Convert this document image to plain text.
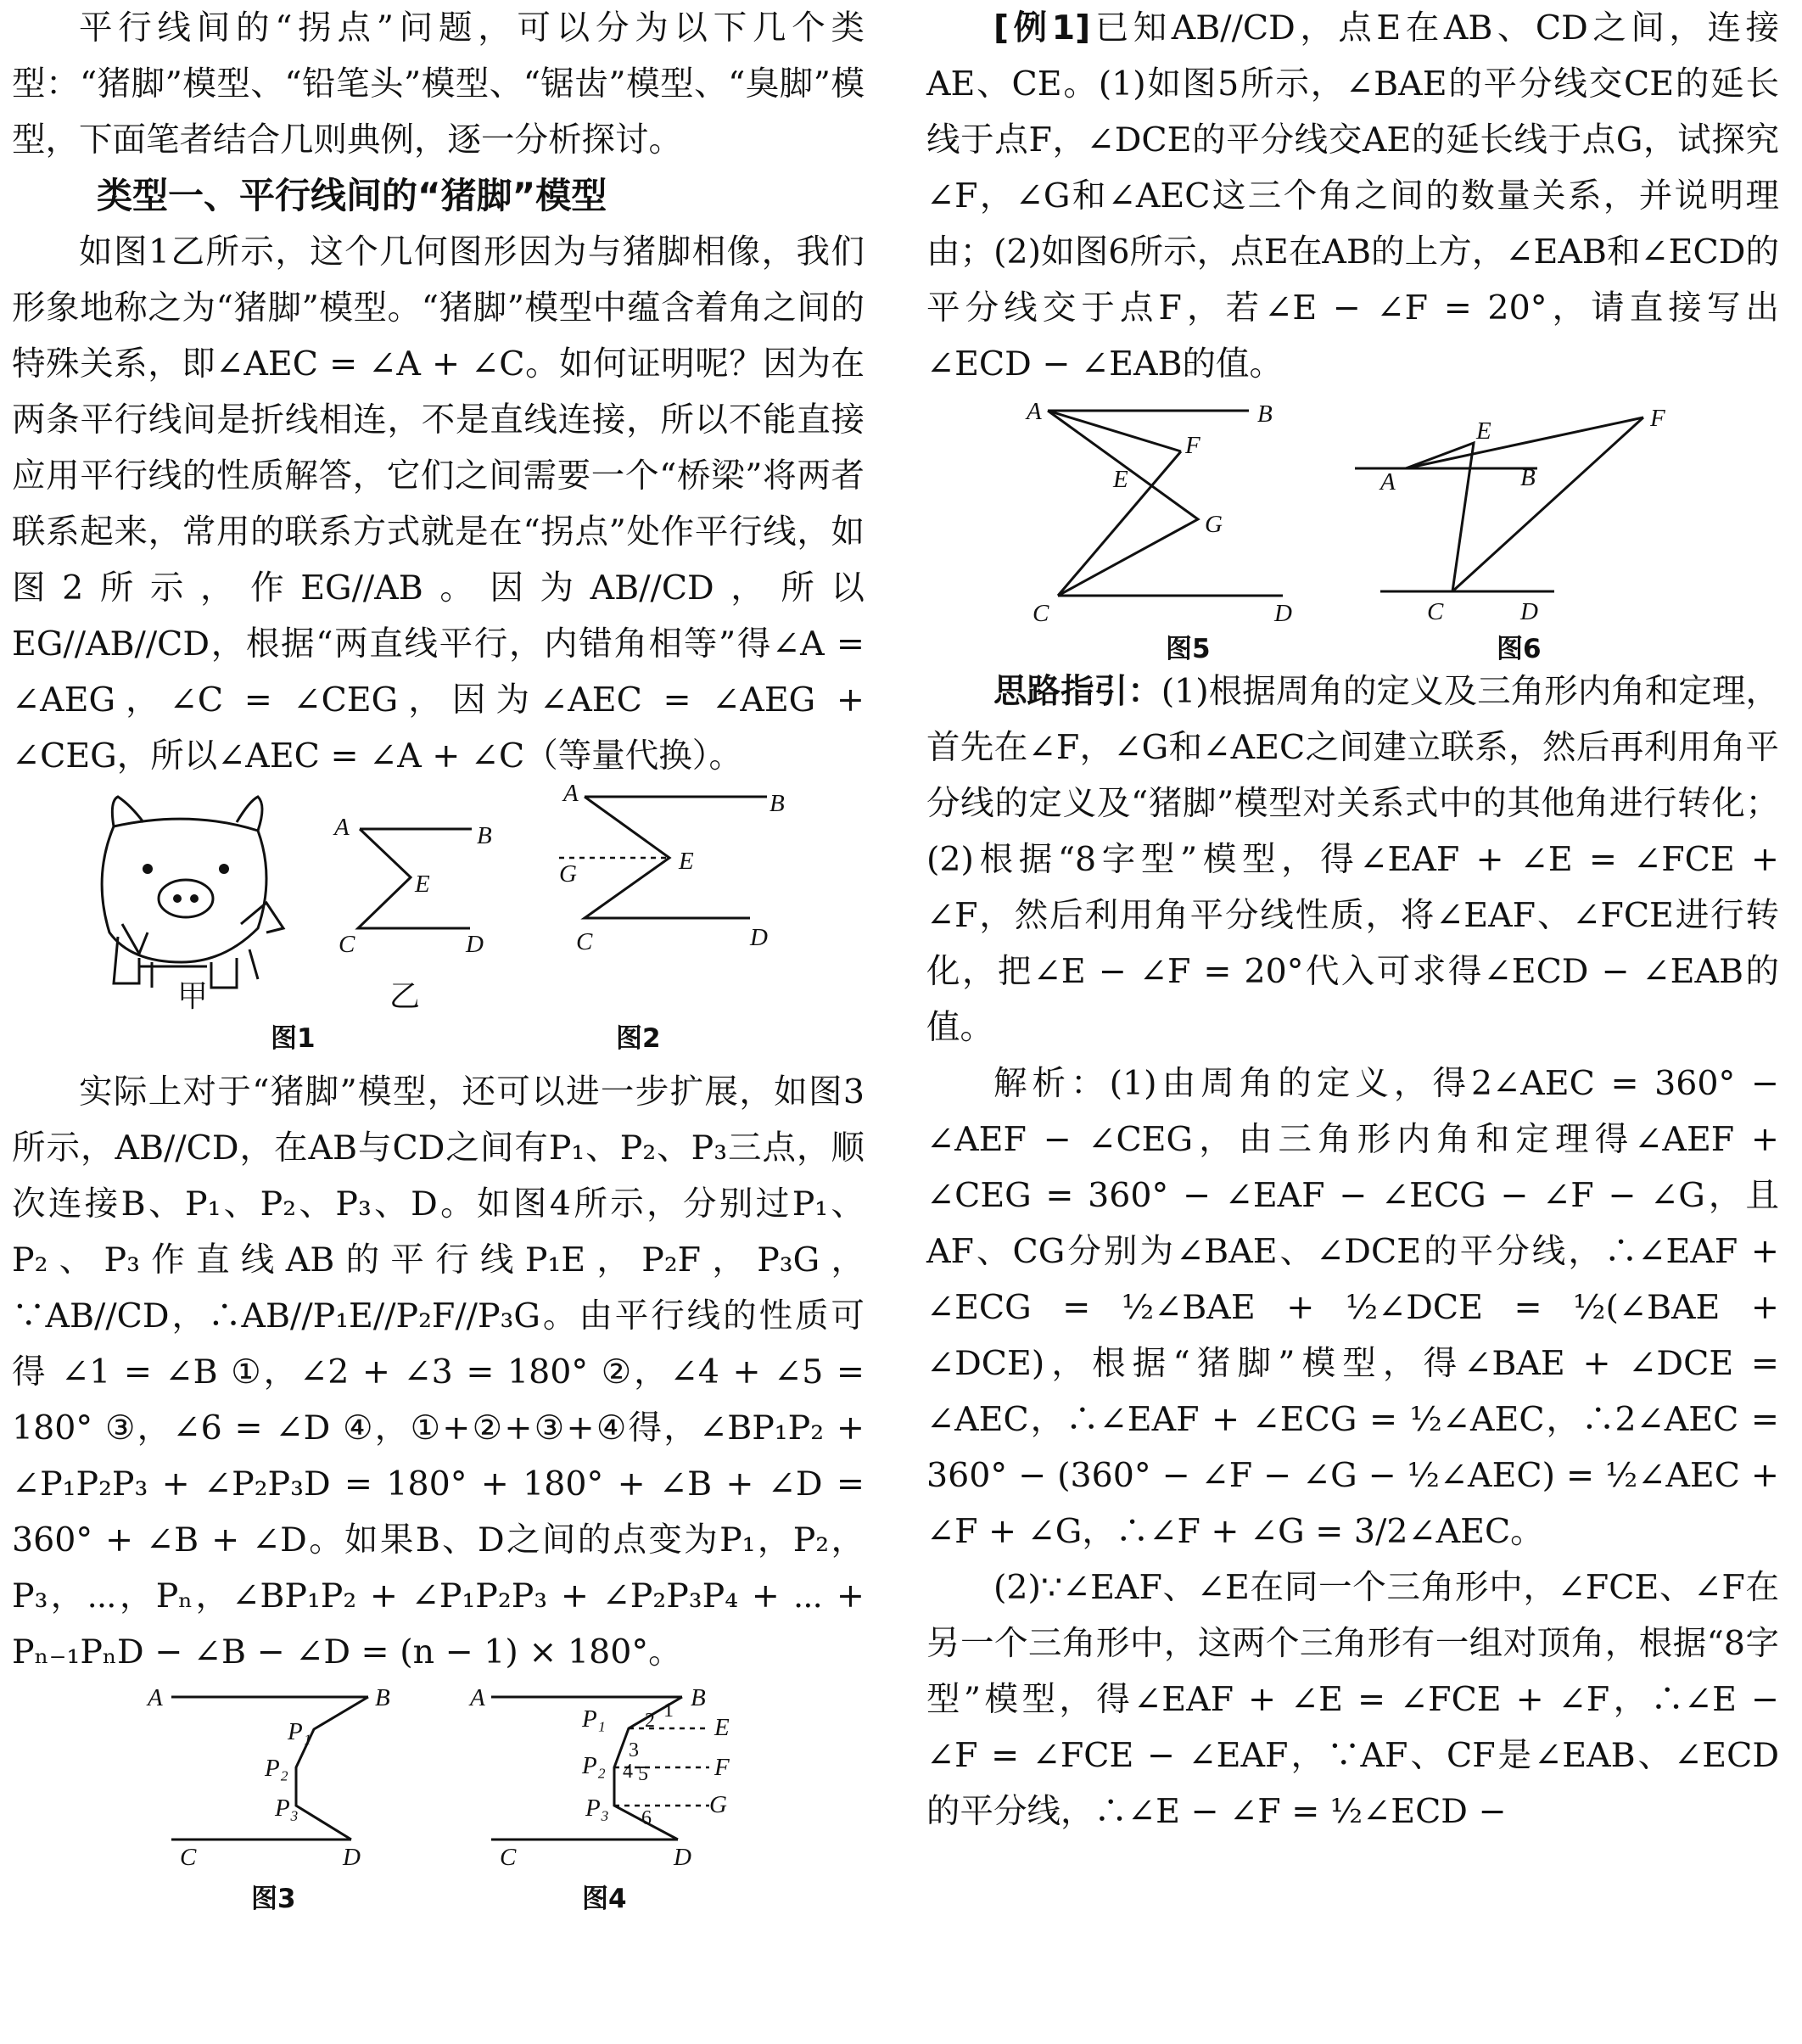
平行线间的“拐点”问题，可以分为以下几个类型：“猪脚”模型、“铅笔头”模型、“锯齿”模型、“臭脚”模型，下面笔者结合几则典例，逐一分析探讨。

类型一、平行线间的“猪脚”模型

如图1乙所示，这个几何图形因为与猪脚相像，我们形象地称之为“猪脚”模型。“猪脚”模型中蕴含着角之间的特殊关系，即∠AEC = ∠A + ∠C。如何证明呢？因为在两条平行线间是折线相连，不是直线连接，所以不能直接应用平行线的性质解答，它们之间需要一个“桥梁”将两者联系起来，常用的联系方式就是在“拐点”处作平行线，如图2所示，作EG//AB。因为AB//CD，所以EG//AB//CD，根据“两直线平行，内错角相等”得∠A = ∠AEG，∠C = ∠CEG，因为∠AEC = ∠AEG + ∠CEG，所以∠AEC = ∠A + ∠C（等量代换）。

甲
A	B
E
C	D
乙
A	B
G	E
C	D
图1	图2

实际上对于“猪脚”模型，还可以进一步扩展，如图3所示，AB//CD，在AB与CD之间有P₁、P₂、P₃三点，顺次连接B、P₁、P₂、P₃、D。如图4所示，分别过P₁、P₂、P₃作直线AB的平行线P₁E，P₂F，P₃G，∵AB//CD，∴AB//P₁E//P₂F//P₃G。由平行线的性质可得 ∠1 = ∠B ①，∠2 + ∠3 = 180° ②，∠4 + ∠5 = 180° ③，∠6 = ∠D ④，①+②+③+④得，∠BP₁P₂ + ∠P₁P₂P₃ + ∠P₂P₃D = 180° + 180° + ∠B + ∠D = 360° + ∠B + ∠D。如果B、D之间的点变为P₁，P₂，P₃，⋯，Pₙ，∠BP₁P₂ + ∠P₁P₂P₃ + ∠P₂P₃P₄ + ⋯ + Pₙ₋₁PₙD − ∠B − ∠D = (n − 1) × 180°。

A	B
P₁
P₂
P₃
C	D
图3
A	B
P₁
P₂
P₃
E
F
G
C	D
1
2
3
4 5
6
图4

[例1]已知AB//CD，点E在AB、CD之间，连接AE、CE。(1)如图5所示，∠BAE的平分线交CE的延长线于点F，∠DCE的平分线交AE的延长线于点G，试探究∠F，∠G和∠AEC这三个角之间的数量关系，并说明理由；(2)如图6所示，点E在AB的上方，∠EAB和∠ECD的平分线交于点F，若∠E − ∠F = 20°，请直接写出∠ECD − ∠EAB的值。

A	B
F
E
G
C	D
图5
E	F
A	B
C	D
图6

思路指引：(1)根据周角的定义及三角形内角和定理，首先在∠F，∠G和∠AEC之间建立联系，然后再利用角平分线的定义及“猪脚”模型对关系式中的其他角进行转化；(2)根据“8字型”模型，得∠EAF + ∠E = ∠FCE + ∠F，然后利用角平分线性质，将∠EAF、∠FCE进行转化，把∠E − ∠F = 20°代入可求得∠ECD − ∠EAB的值。

解析：(1)由周角的定义，得2∠AEC = 360° − ∠AEF − ∠CEG，由三角形内角和定理得∠AEF + ∠CEG = 360° − ∠EAF − ∠ECG − ∠F − ∠G，且AF、CG分别为∠BAE、∠DCE的平分线，∴∠EAF + ∠ECG = ½∠BAE + ½∠DCE = ½(∠BAE + ∠DCE)，根据“猪脚”模型，得∠BAE + ∠DCE = ∠AEC，∴∠EAF + ∠ECG = ½∠AEC，∴2∠AEC = 360° − (360° − ∠F − ∠G − ½∠AEC) = ½∠AEC + ∠F + ∠G，∴∠F + ∠G = 3/2∠AEC。

(2)∵∠EAF、∠E在同一个三角形中，∠FCE、∠F在另一个三角形中，这两个三角形有一组对顶角，根据“8字型”模型，得∠EAF + ∠E = ∠FCE + ∠F，∴∠E − ∠F = ∠FCE − ∠EAF，∵AF、CF是∠EAB、∠ECD的平分线，∴∠E − ∠F = ½∠ECD −
